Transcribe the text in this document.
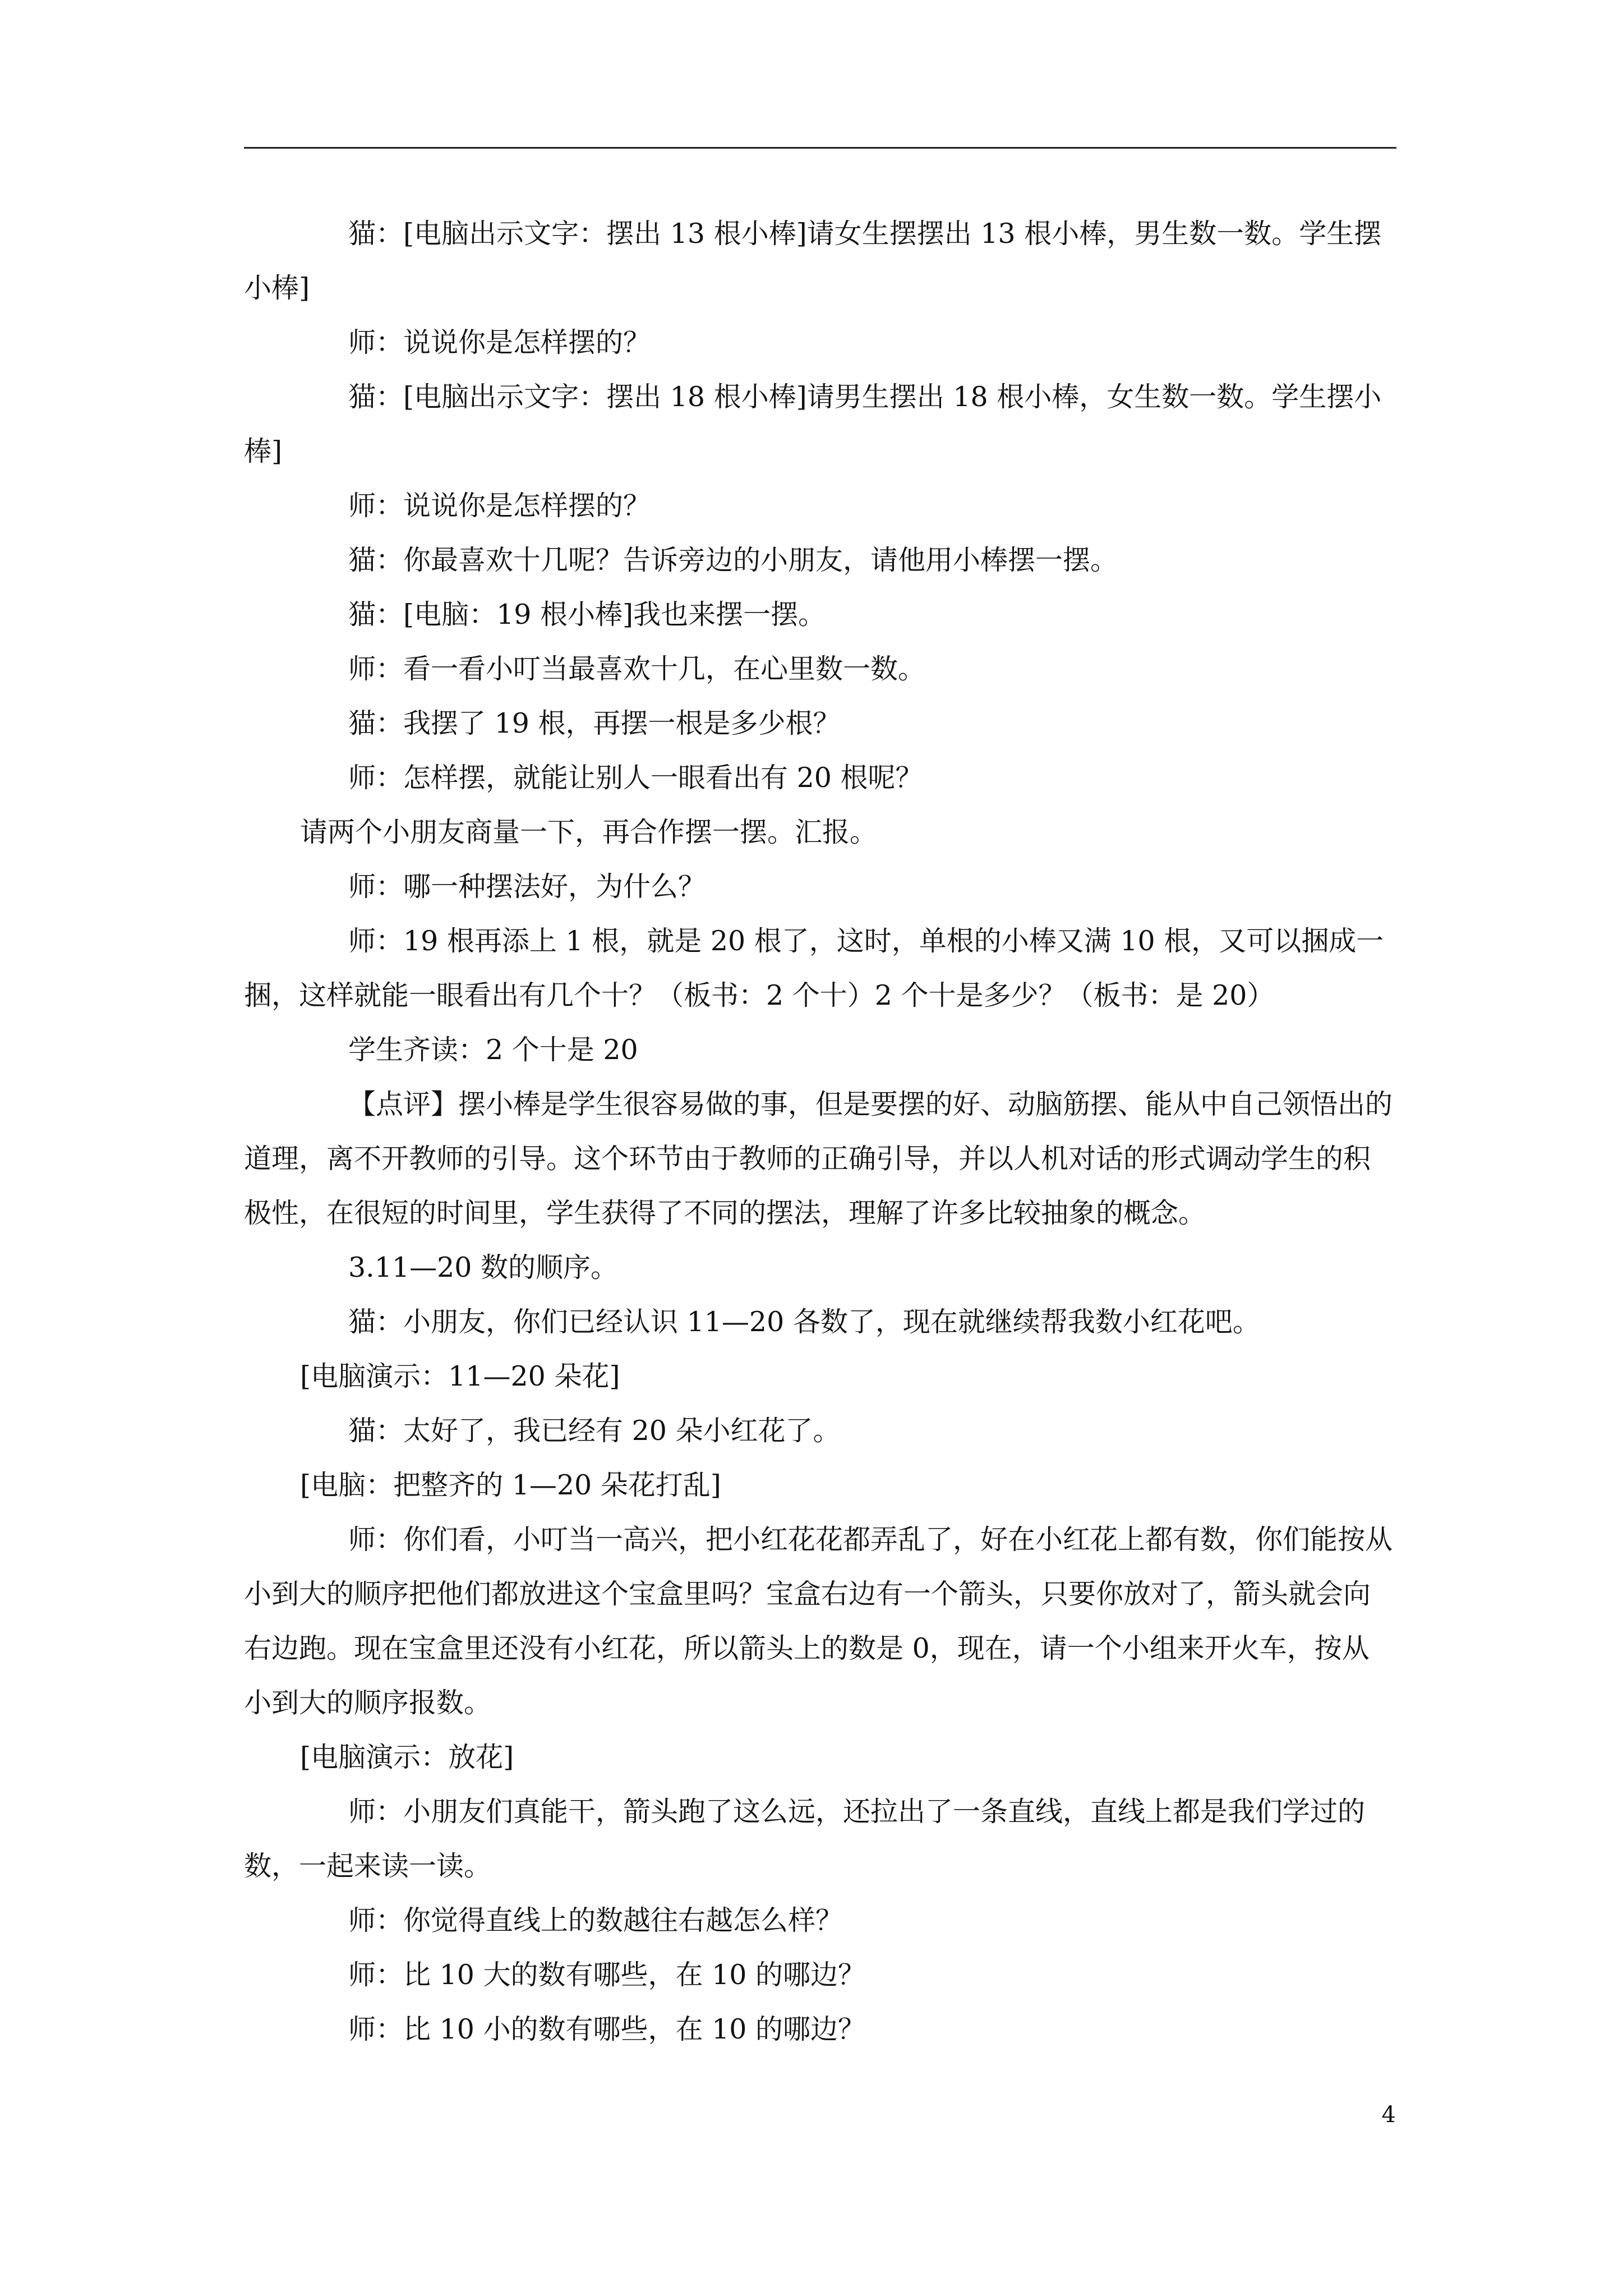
猫：[电脑出示文字：摆出 13 根小棒]请女生摆摆出 13 根小棒，男生数一数。学生摆小棒]

师：说说你是怎样摆的？

猫：[电脑出示文字：摆出 18 根小棒]请男生摆出 18 根小棒，女生数一数。学生摆小棒]

师：说说你是怎样摆的？

猫：你最喜欢十几呢？告诉旁边的小朋友，请他用小棒摆一摆。

猫：[电脑：19 根小棒]我也来摆一摆。

师：看一看小叮当最喜欢十几，在心里数一数。

猫：我摆了 19 根，再摆一根是多少根？

师：怎样摆，就能让别人一眼看出有 20 根呢？

请两个小朋友商量一下，再合作摆一摆。汇报。

师：哪一种摆法好，为什么？

师：19 根再添上 1 根，就是 20 根了，这时，单根的小棒又满 10 根，又可以捆成一捆，这样就能一眼看出有几个十？（板书：2 个十）2 个十是多少？（板书：是 20）

学生齐读：2 个十是 20

【点评】摆小棒是学生很容易做的事，但是要摆的好、动脑筋摆、能从中自己领悟出的道理，离不开教师的引导。这个环节由于教师的正确引导，并以人机对话的形式调动学生的积极性，在很短的时间里，学生获得了不同的摆法，理解了许多比较抽象的概念。

3.11—20 数的顺序。

猫：小朋友，你们已经认识 11—20 各数了，现在就继续帮我数小红花吧。

[电脑演示：11—20 朵花]

猫：太好了，我已经有 20 朵小红花了。

[电脑：把整齐的 1—20 朵花打乱]

师：你们看，小叮当一高兴，把小红花花都弄乱了，好在小红花上都有数，你们能按从小到大的顺序把他们都放进这个宝盒里吗？宝盒右边有一个箭头，只要你放对了，箭头就会向右边跑。现在宝盒里还没有小红花，所以箭头上的数是 0，现在，请一个小组来开火车，按从小到大的顺序报数。

[电脑演示：放花]

师：小朋友们真能干，箭头跑了这么远，还拉出了一条直线，直线上都是我们学过的数，一起来读一读。

师：你觉得直线上的数越往右越怎么样？

师：比 10 大的数有哪些，在 10 的哪边？

师：比 10 小的数有哪些，在 10 的哪边？

4
